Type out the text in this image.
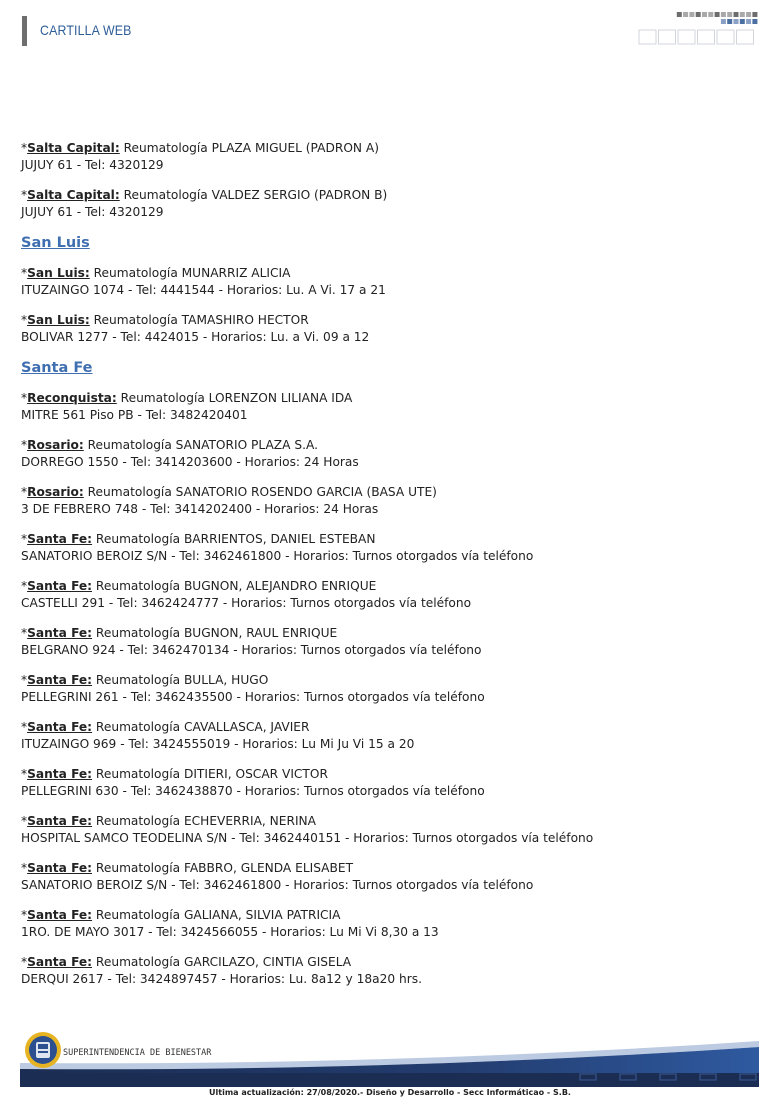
CARTILLA WEB
*Salta Capital: Reumatología PLAZA MIGUEL (PADRON A)
JUJUY 61 - Tel: 4320129
*Salta Capital: Reumatología VALDEZ SERGIO (PADRON B)
JUJUY 61 - Tel: 4320129
San Luis
*San Luis: Reumatología MUNARRIZ ALICIA
ITUZAINGO 1074 - Tel: 4441544 - Horarios: Lu. A Vi. 17 a 21
*San Luis: Reumatología TAMASHIRO HECTOR
BOLIVAR 1277 - Tel: 4424015 - Horarios: Lu. a Vi. 09 a 12
Santa Fe
*Reconquista: Reumatología LORENZON LILIANA IDA
MITRE 561 Piso PB - Tel: 3482420401
*Rosario: Reumatología SANATORIO PLAZA S.A.
DORREGO 1550 - Tel: 3414203600 - Horarios: 24 Horas
*Rosario: Reumatología SANATORIO ROSENDO GARCIA (BASA UTE)
3 DE FEBRERO 748 - Tel: 3414202400 - Horarios: 24 Horas
*Santa Fe: Reumatología BARRIENTOS, DANIEL ESTEBAN
SANATORIO BEROIZ S/N - Tel: 3462461800 - Horarios: Turnos otorgados vía teléfono
*Santa Fe: Reumatología BUGNON, ALEJANDRO ENRIQUE
CASTELLI 291 - Tel: 3462424777 - Horarios: Turnos otorgados vía teléfono
*Santa Fe: Reumatología BUGNON, RAUL ENRIQUE
BELGRANO 924 - Tel: 3462470134 - Horarios: Turnos otorgados vía teléfono
*Santa Fe: Reumatología BULLA, HUGO
PELLEGRINI 261 - Tel: 3462435500 - Horarios: Turnos otorgados vía teléfono
*Santa Fe: Reumatología CAVALLASCA, JAVIER
ITUZAINGO 969 - Tel: 3424555019 - Horarios: Lu Mi Ju Vi 15 a 20
*Santa Fe: Reumatología DITIERI, OSCAR VICTOR
PELLEGRINI 630 - Tel: 3462438870 - Horarios: Turnos otorgados vía teléfono
*Santa Fe: Reumatología ECHEVERRIA, NERINA
HOSPITAL SAMCO TEODELINA S/N - Tel: 3462440151 - Horarios: Turnos otorgados vía teléfono
*Santa Fe: Reumatología FABBRO, GLENDA ELISABET
SANATORIO BEROIZ S/N - Tel: 3462461800 - Horarios: Turnos otorgados vía teléfono
*Santa Fe: Reumatología GALIANA, SILVIA PATRICIA
1RO. DE MAYO 3017 - Tel: 3424566055 - Horarios: Lu Mi Vi 8,30 a 13
*Santa Fe: Reumatología GARCILAZO, CINTIA GISELA
DERQUI 2617 - Tel: 3424897457 - Horarios: Lu. 8a12 y 18a20 hrs.
SUPERINTENDENCIA DE BIENESTAR
Ultima actualización: 27/08/2020.- Diseño y Desarrollo - Secc Informáticao - S.B.
